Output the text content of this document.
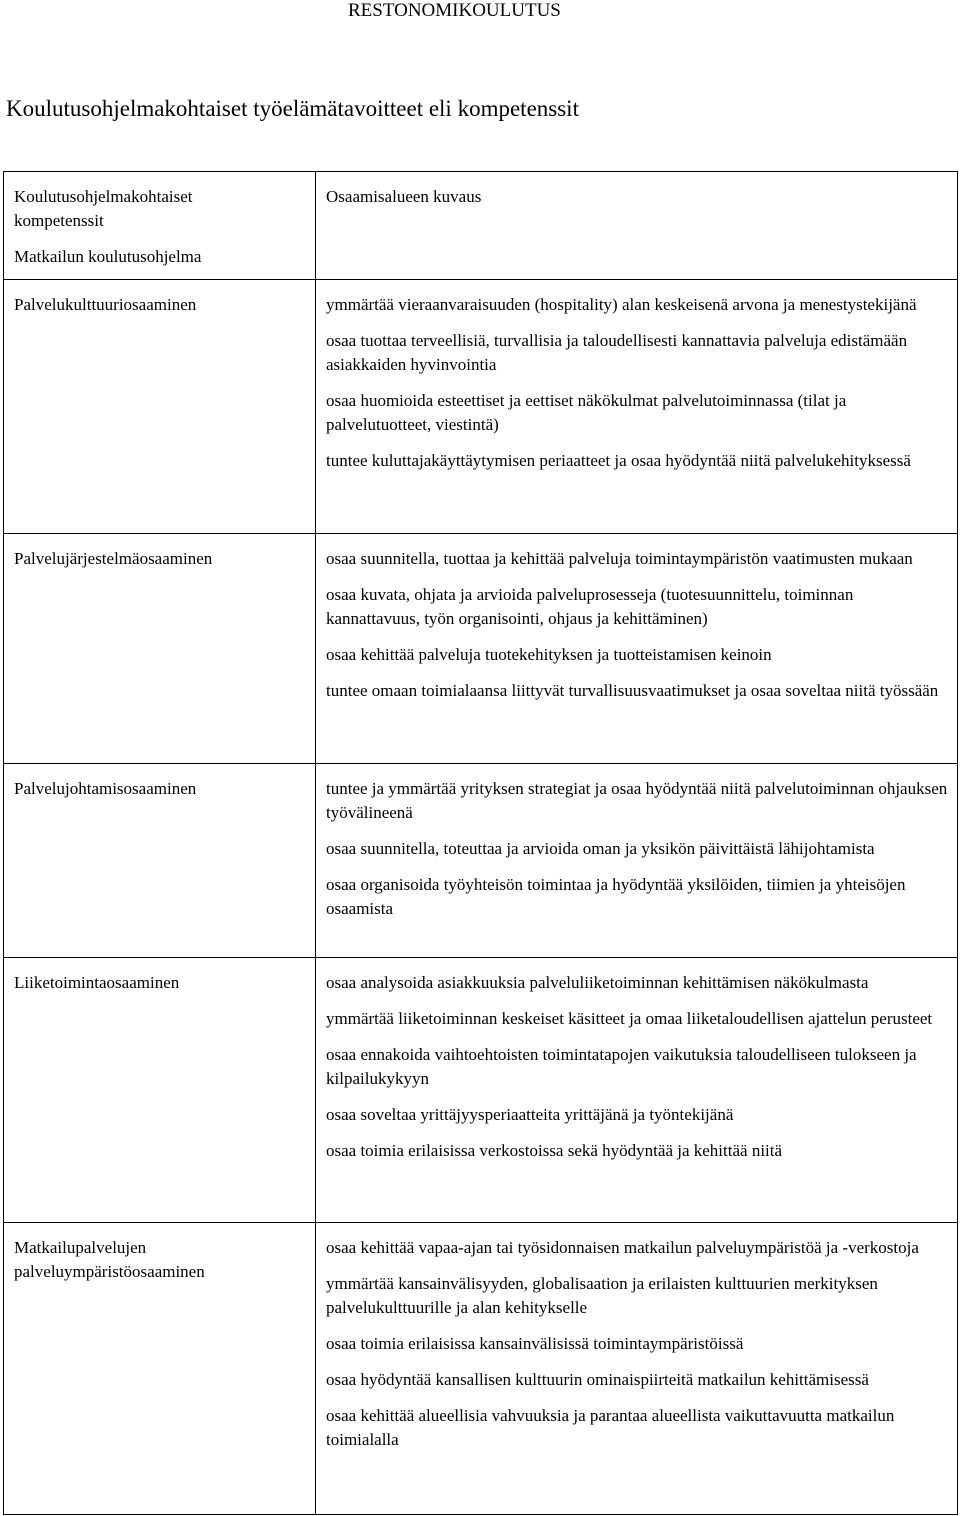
RESTONOMIKOULUTUS
Koulutusohjelmakohtaiset työelämätavoitteet eli kompetenssit
Koulutusohjelmakohtaiset
kompetenssit
Matkailun koulutusohjelma	Osaamisalueen kuvaus

Palvelukulttuuriosaaminen	ymmärtää vieraanvaraisuuden (hospitality) alan keskeisenä arvona ja menestystekijänä
osaa tuottaa terveellisiä, turvallisia ja taloudellisesti kannattavia palveluja edistämään asiakkaiden hyvinvointia
osaa huomioida esteettiset ja eettiset näkökulmat palvelutoiminnassa (tilat ja palvelutuotteet, viestintä)
tuntee kuluttajakäyttäytymisen periaatteet ja osaa hyödyntää niitä palvelukehityksessä

Palvelujärjestelmäosaaminen	osaa suunnitella, tuottaa ja kehittää palveluja toimintaympäristön vaatimusten mukaan
osaa kuvata, ohjata ja arvioida palveluprosesseja (tuotesuunnittelu, toiminnan kannattavuus, työn organisointi, ohjaus ja kehittäminen)
osaa kehittää palveluja tuotekehityksen ja tuotteistamisen keinoin
tuntee omaan toimialaansa liittyvät turvallisuusvaatimukset ja osaa soveltaa niitä työssään

Palvelujohtamisosaaminen	tuntee ja ymmärtää yrityksen strategiat ja osaa hyödyntää niitä palvelutoiminnan ohjauksen työvälineenä
osaa suunnitella, toteuttaa ja arvioida oman ja yksikön päivittäistä lähijohtamista
osaa organisoida työyhteisön toimintaa ja hyödyntää yksilöiden, tiimien ja yhteisöjen osaamista

Liiketoimintaosaaminen	osaa analysoida asiakkuuksia palveluliiketoiminnan kehittämisen näkökulmasta
ymmärtää liiketoiminnan keskeiset käsitteet ja omaa liiketaloudellisen ajattelun perusteet
osaa ennakoida vaihtoehtoisten toimintatapojen vaikutuksia taloudelliseen tulokseen ja kilpailukykyyn
osaa soveltaa yrittäjyysperiaatteita yrittäjänä ja työntekijänä
osaa toimia erilaisissa verkostoissa sekä hyödyntää ja kehittää niitä

Matkailupalvelujen palveluympäristöosaaminen	osaa kehittää vapaa-ajan tai työsidonnaisen matkailun palveluympäristöä ja -verkostoja
ymmärtää kansainvälisyyden, globalisaation ja erilaisten kulttuurien merkityksen palvelukulttuurille ja alan kehitykselle
osaa toimia erilaisissa kansainvälisissä toimintaympäristöissä
osaa hyödyntää kansallisen kulttuurin ominaispiirteitä matkailun kehittämisessä
osaa kehittää alueellisia vahvuuksia ja parantaa alueellista vaikuttavuutta matkailun toimialalla
